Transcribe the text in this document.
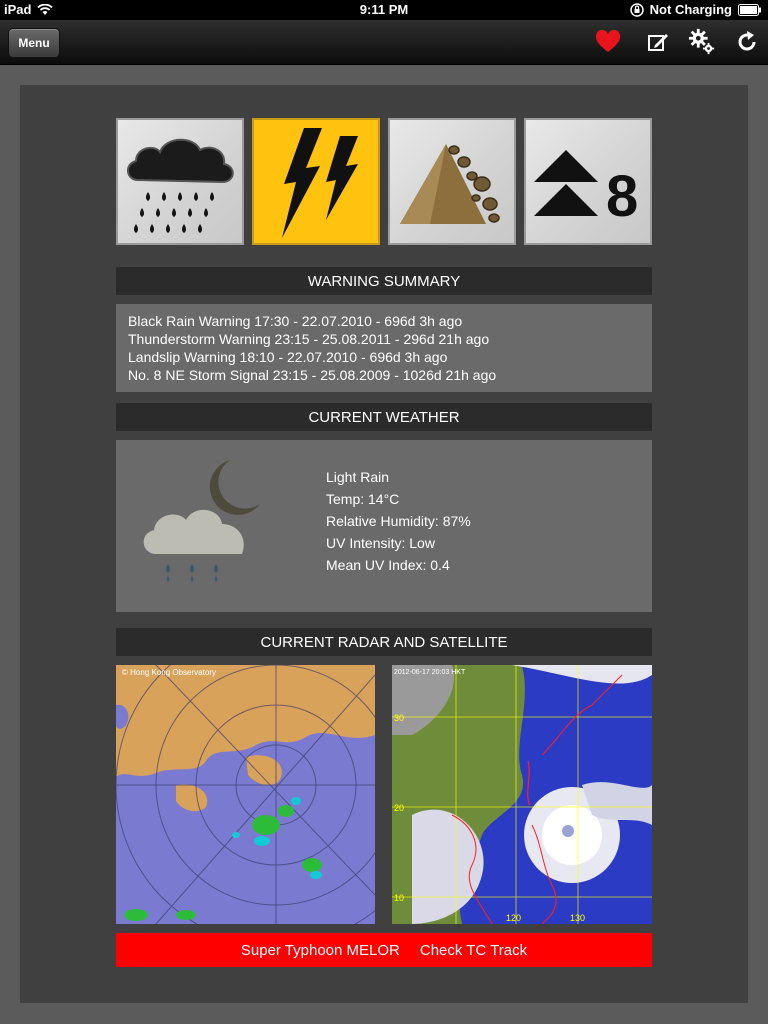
iPad	9:11 PM	Not Charging
Menu
8
WARNING SUMMARY
Black Rain Warning 17:30 - 22.07.2010 - 696d 3h ago
Thunderstorm Warning 23:15 - 25.08.2011 - 296d 21h ago
Landslip Warning 18:10 - 22.07.2010 - 696d 3h ago
No. 8 NE Storm Signal 23:15 - 25.08.2009 - 1026d 21h ago
CURRENT WEATHER
Light Rain
Temp: 14°C
Relative Humidity: 87%
UV Intensity: Low
Mean UV Index: 0.4
CURRENT RADAR AND SATELLITE
© Hong Kong Observatory	2012-06-17 20:03 HKT
30
20
10
120	130
Super Typhoon MELOR Check TC Track
